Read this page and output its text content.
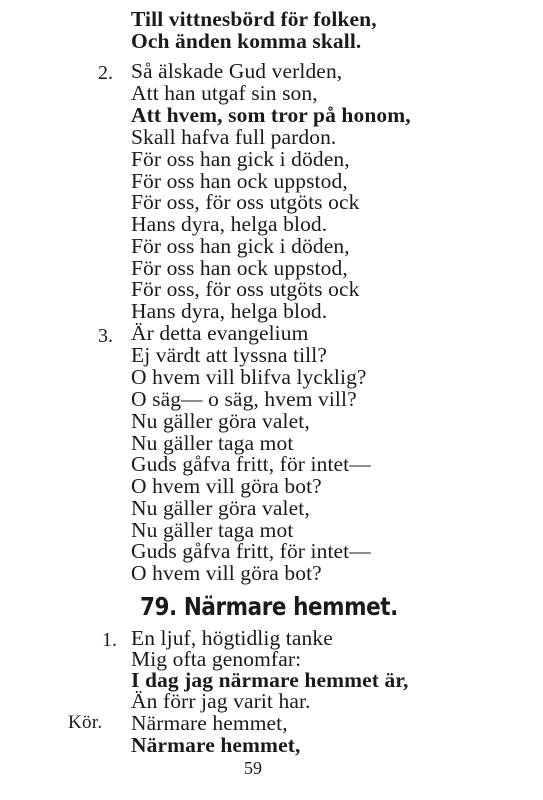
Till vittnesbörd för folken,
Och änden komma skall.
2. Så älskade Gud verlden,
Att han utgaf sin son,
Att hvem, som tror på honom,
Skall hafva full pardon.
För oss han gick i döden,
För oss han ock uppstod,
För oss, för oss utgöts ock
Hans dyra, helga blod.
För oss han gick i döden,
För oss han ock uppstod,
För oss, för oss utgöts ock
Hans dyra, helga blod.
3. Är detta evangelium
Ej värdt att lyssna till?
O hvem vill blifva lycklig?
O säg— o säg, hvem vill?
Nu gäller göra valet,
Nu gäller taga mot
Guds gåfva fritt, för intet—
O hvem vill göra bot?
Nu gäller göra valet,
Nu gäller taga mot
Guds gåfva fritt, för intet—
O hvem vill göra bot?
79. Närmare hemmet.
1. En ljuf, högtidlig tanke
Mig ofta genomfar:
I dag jag närmare hemmet är,
Än förr jag varit har.
Kör. Närmare hemmet,
Närmare hemmet,
59
